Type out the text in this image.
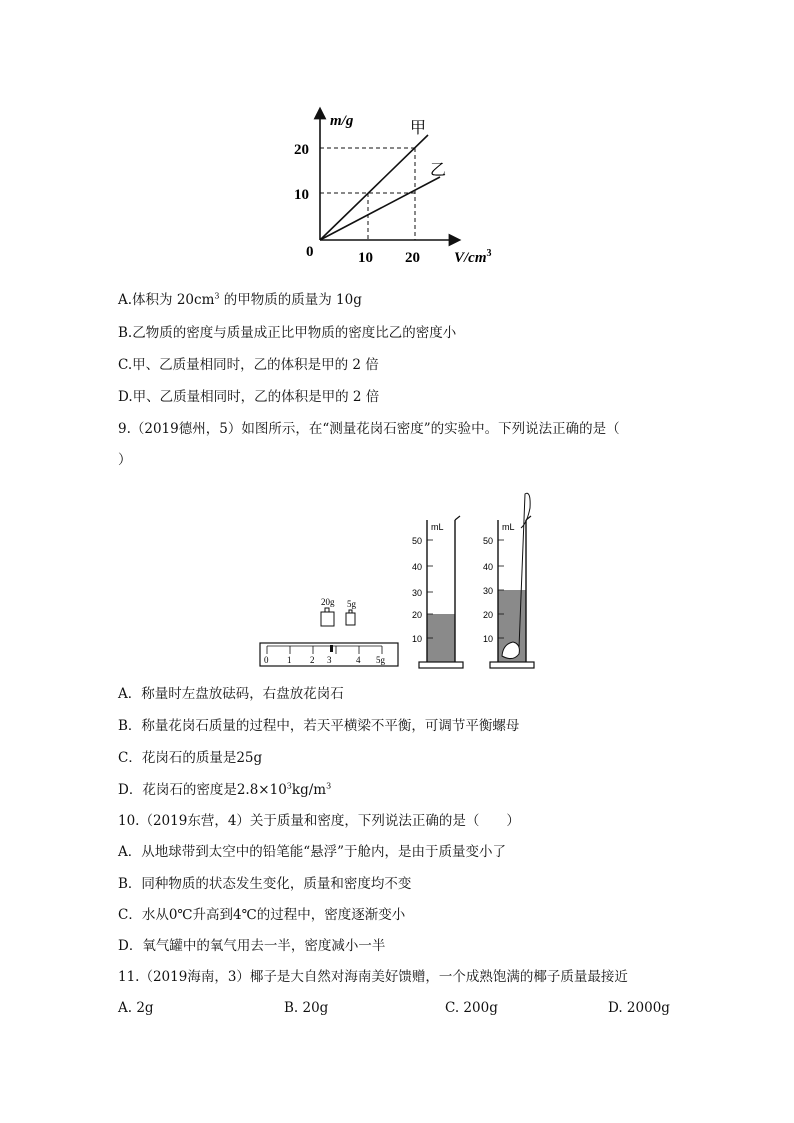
m/g
20
10
0	10 20 $V/cm^3$
甲
乙
A.体积为 $20cm^3$ 的甲物质的质量为 10g
B.乙物质的密度与质量成正比甲物质的密度比乙的密度小
C.甲、乙质量相同时，乙的体积是甲的 2 倍
D.甲、乙质量相同时，乙的体积是甲的 2 倍
9.（2019德州，5）如图所示，在“测量花岗石密度”的实验中。下列说法正确的是（
）
20g 5g
0 1 2 3	4 5g
mL
50
40
30
20
10
mL
50
40
30
20
10
A．称量时左盘放砝码，右盘放花岗石
B．称量花岗石质量的过程中，若天平横梁不平衡，可调节平衡螺母
C．花岗石的质量是25g
D．花岗石的密度是$2.8\times 10^3kg/m^3$
10.（2019东营，4）关于质量和密度，下列说法正确的是（　　）
A．从地球带到太空中的铅笔能“悬浮”于舱内，是由于质量变小了
B．同种物质的状态发生变化，质量和密度均不变
C．水从0℃升高到4℃的过程中，密度逐渐变小
D．氧气罐中的氧气用去一半，密度减小一半
11.（2019海南，3）椰子是大自然对海南美好馈赠，一个成熟饱满的椰子质量最接近
A. 2g	B. 20g	C. 200g	D. 2000g
